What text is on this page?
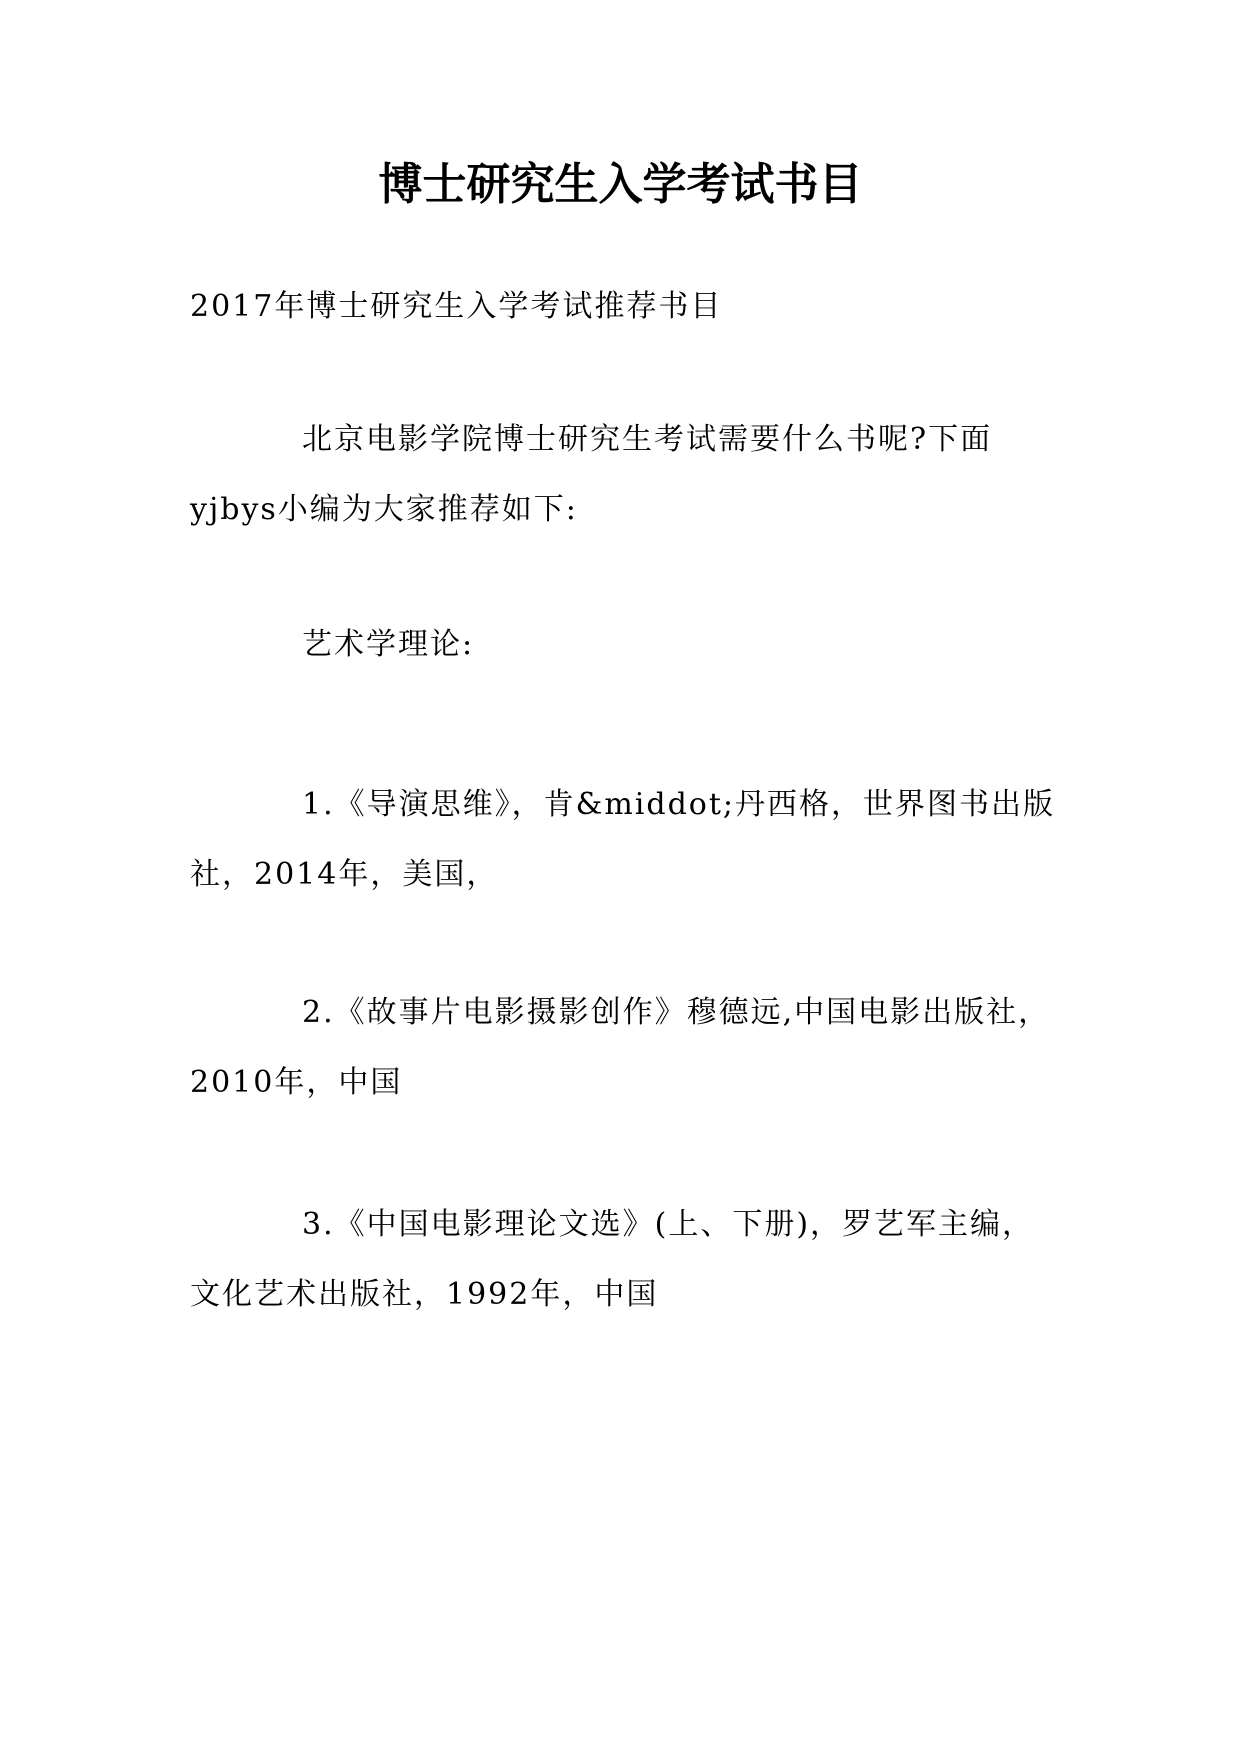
博士研究生入学考试书目
2017年博士研究生入学考试推荐书目
北京电影学院博士研究生考试需要什么书呢?下面yjbys小编为大家推荐如下:
艺术学理论:
1.《导演思维》，肯&middot;丹西格，世界图书出版社，2014年，美国，
2.《故事片电影摄影创作》穆德远,中国电影出版社，2010年，中国
3.《中国电影理论文选》(上、下册)，罗艺军主编，文化艺术出版社，1992年，中国
